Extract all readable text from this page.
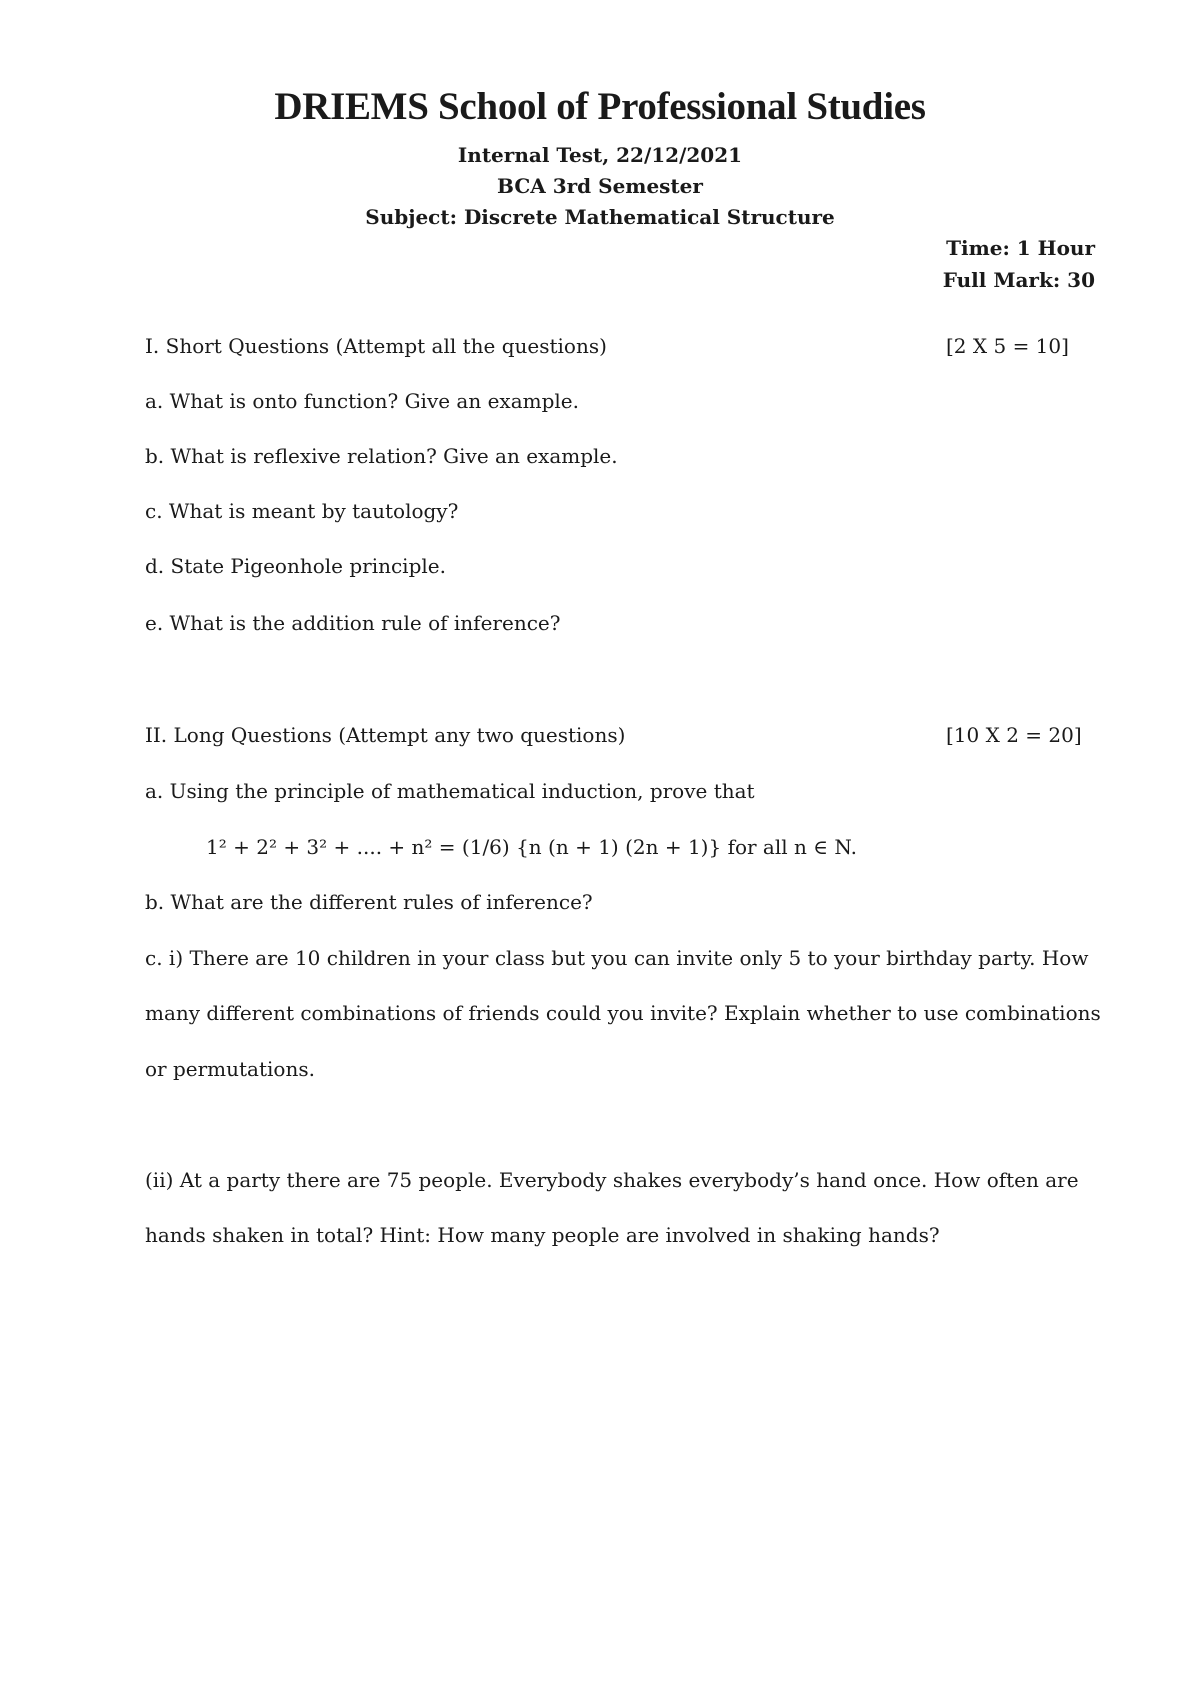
DRIEMS School of Professional Studies
Internal Test, 22/12/2021
BCA 3rd Semester
Subject: Discrete Mathematical Structure
Time: 1 Hour
Full Mark: 30
I. Short Questions (Attempt all the questions)	[2 X 5 = 10]
a. What is onto function? Give an example.
b. What is reflexive relation? Give an example.
c. What is meant by tautology?
d. State Pigeonhole principle.
e. What is the addition rule of inference?
II. Long Questions (Attempt any two questions)	[10 X 2 = 20]
a. Using the principle of mathematical induction, prove that
1² + 2² + 3² + .... + n² = (1/6) {n (n + 1) (2n + 1)} for all n ∈ N.
b. What are the different rules of inference?
c. i) There are 10 children in your class but you can invite only 5 to your birthday party. How
many different combinations of friends could you invite? Explain whether to use combinations
or permutations.
(ii) At a party there are 75 people. Everybody shakes everybody’s hand once. How often are
hands shaken in total? Hint: How many people are involved in shaking hands?
